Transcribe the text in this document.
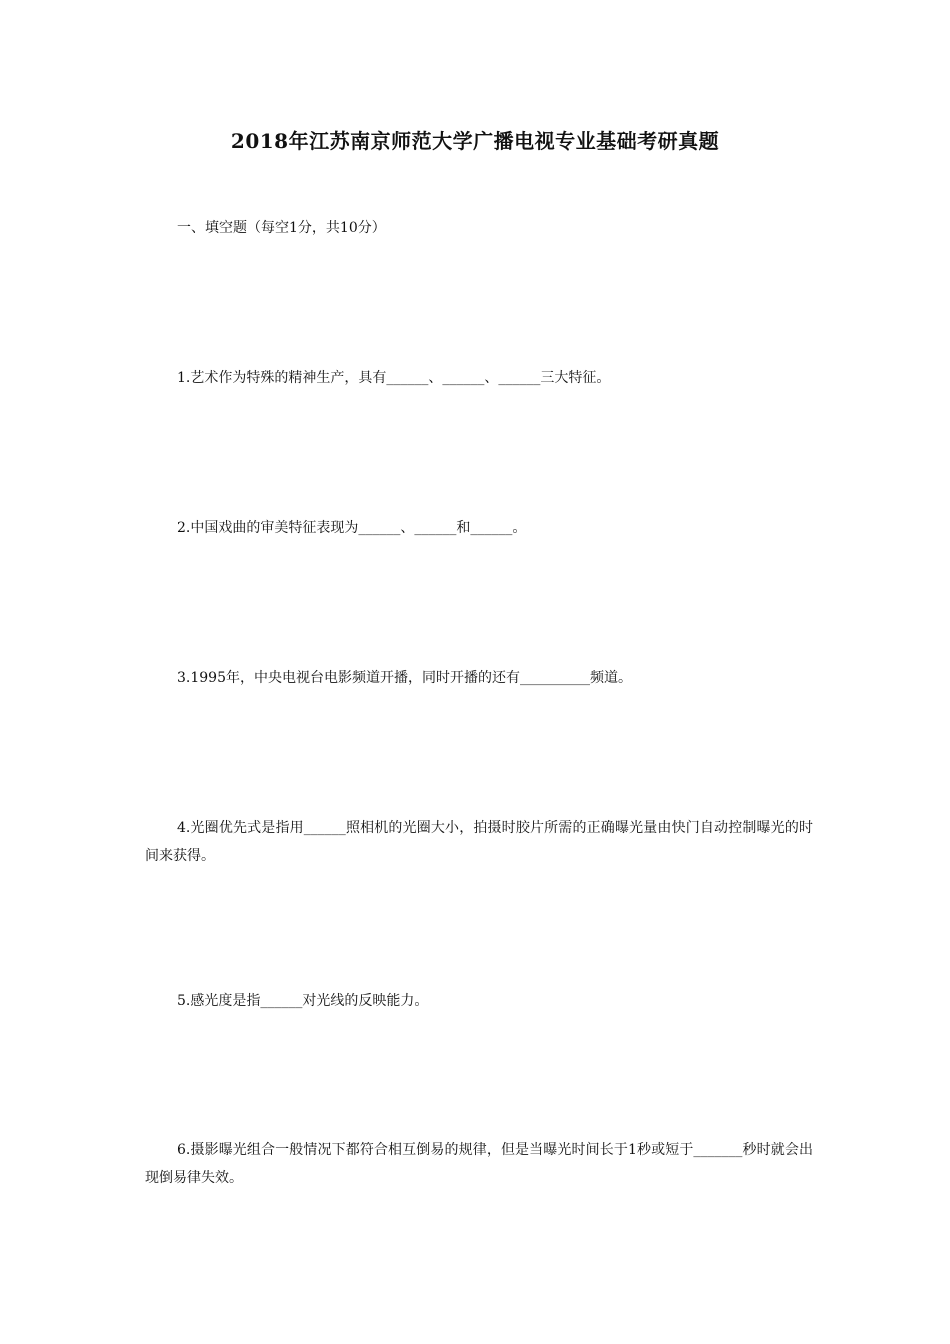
2018年江苏南京师范大学广播电视专业基础考研真题
一、填空题（每空1分，共10分）
1.艺术作为特殊的精神生产，具有______、______、______三大特征。
2.中国戏曲的审美特征表现为______、______和______。
3.1995年，中央电视台电影频道开播，同时开播的还有__________频道。
4.光圈优先式是指用______照相机的光圈大小，拍摄时胶片所需的正确曝光量由快门自动控制曝光的时间来获得。
5.感光度是指______对光线的反映能力。
6.摄影曝光组合一般情况下都符合相互倒易的规律，但是当曝光时间长于1秒或短于_______秒时就会出现倒易律失效。
